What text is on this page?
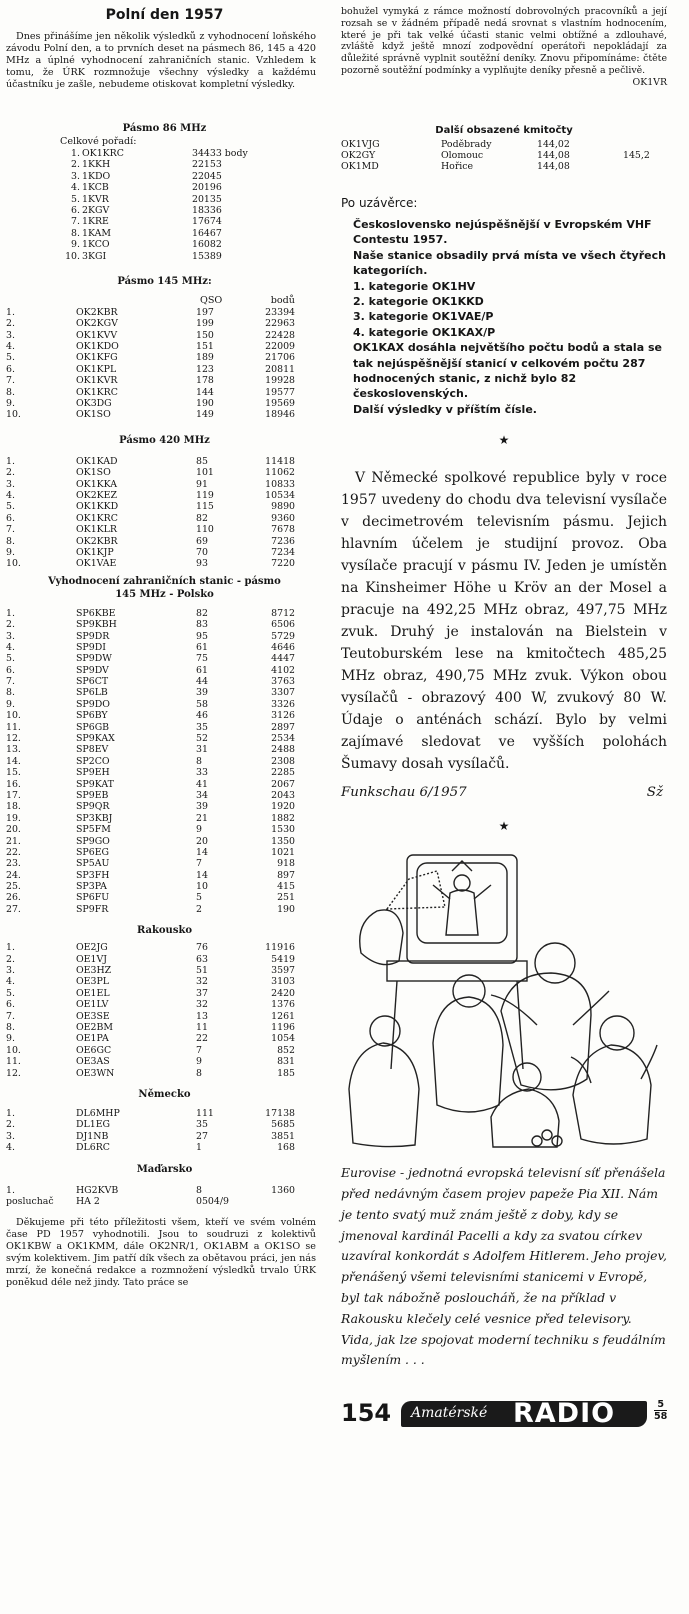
Polní den 1957
Dnes přinášíme jen několik výsledků z vyhodnocení loňského závodu Polní den, a to prvních deset na pásmech 86, 145 a 420 MHz a úplné vyhodnocení zahraničních stanic. Vzhledem k tomu, že ÚRK rozmnožuje všechny výsledky a každému účastníku je zašle, nebudeme otiskovat kompletní výsledky.
Pásmo 86 MHz
Celkové pořadí:
1. OK1KRC	34433 body
2. 1KKH	22153
3. 1KDO	22045
4. 1KCB	20196
5. 1KVR	20135
6. 2KGV	18336
7. 1KRE	17674
8. 1KAM	16467
9. 1KCO	16082
10. 3KGI	15389
Pásmo 145 MHz:
QSO	bodů
1.	OK2KBR	197	23394
2.	OK2KGV	199	22963
3.	OK1KVV	150	22428
4.	OK1KDO	151	22009
5.	OK1KFG	189	21706
6.	OK1KPL	123	20811
7.	OK1KVR	178	19928
8.	OK1KRC	144	19577
9.	OK3DG	190	19569
10.	OK1SO	149	18946
Pásmo 420 MHz
1.	OK1KAD	85	11418
2.	OK1SO	101	11062
3.	OK1KKA	91	10833
4.	OK2KEZ	119	10534
5.	OK1KKD	115	9890
6.	OK1KRC	82	9360
7.	OK1KLR	110	7678
8.	OK2KBR	69	7236
9.	OK1KJP	70	7234
10.	OK1VAE	93	7220
Vyhodnocení zahraničních stanic - pásmo
145 MHz - Polsko
1.	SP6KBE	82	8712
2.	SP9KBH	83	6506
3.	SP9DR	95	5729
4.	SP9DI	61	4646
5.	SP9DW	75	4447
6.	SP9DV	61	4102
7.	SP6CT	44	3763
8.	SP6LB	39	3307
9.	SP9DO	58	3326
10.	SP6BY	46	3126
11.	SP6GB	35	2897
12.	SP9KAX	52	2534
13.	SP8EV	31	2488
14.	SP2CO	8	2308
15.	SP9EH	33	2285
16.	SP9KAT	41	2067
17.	SP9EB	34	2043
18.	SP9QR	39	1920
19.	SP3KBJ	21	1882
20.	SP5FM	9	1530
21.	SP9GO	20	1350
22.	SP6EG	14	1021
23.	SP5AU	7	918
24.	SP3FH	14	897
25.	SP3PA	10	415
26.	SP6FU	5	251
27.	SP9FR	2	190
Rakousko
1.	OE2JG	76	11916
2.	OE1VJ	63	5419
3.	OE3HZ	51	3597
4.	OE3PL	32	3103
5.	OE1EL	37	2420
6.	OE1LV	32	1376
7.	OE3SE	13	1261
8.	OE2BM	11	1196
9.	OE1PA	22	1054
10.	OE6GC	7	852
11.	OE3AS	9	831
12.	OE3WN	8	185
Německo
1.	DL6MHP	111	17138
2.	DL1EG	35	5685
3.	DJ1NB	27	3851
4.	DL6RC	1	168
Maďarsko
1.	HG2KVB	8	1360
posluchač HA 2	0504/9
Děkujeme při této příležitosti všem, kteří ve svém volném čase PD 1957 vyhodnotili. Jsou to soudruzi z kolektivů OK1KBW a OK1KMM, dále OK2NR/1, OK1ABM a OK1SO se svým kolektivem. Jim patří dík všech za obětavou práci, jen nás mrzí, že konečná redakce a rozmnožení výsledků trvalo ÚRK poněkud déle než jindy. Tato práce se
bohužel vymyká z rámce možností dobrovolných pracovníků a její rozsah se v žádném případě nedá srovnat s vlastním hodnocením, které je při tak velké účasti stanic velmi obtížné a zdlouhavé, zvláště když ještě mnozí zodpovědní operátoři nepokládají za důležité správně vyplnit soutěžní deníky. Znovu připomínáme: čtěte pozorně soutěžní podmínky a vyplňujte deníky přesně a pečlivě.
OK1VR
Další obsazené kmitočty
OK1VJG	Poděbrady	144,02
OK2GY	Olomouc	144,08	145,2
OK1MD	Hořice	144,08

Po uzávěrce:

Československo nejúspěšnější v Evropském VHF Contestu 1957.

Naše stanice obsadily prvá místa ve všech čtyřech kategoriích.

1. kategorie OK1HV

2. kategorie OK1KKD

3. kategorie OK1VAE/P

4. kategorie OK1KAX/P

OK1KAX dosáhla největšího počtu bodů a stala se tak nejúspěšnější stanicí v celkovém počtu 287 hodnocených stanic, z nichž bylo 82 československých.

Další výsledky v příštím čísle.

★
V Německé spolkové republice byly v roce 1957 uvedeny do chodu dva televisní vysílače v decimetrovém televisním pásmu. Jejich hlavním účelem je studijní provoz. Oba vysílače pracují v pásmu IV. Jeden je umístěn na Kinsheimer Höhe u Kröv an der Mosel a pracuje na 492,25 MHz obraz, 497,75 MHz zvuk. Druhý je instalován na Bielstein v Teutoburském lese na kmitočtech 485,25 MHz obraz, 490,75 MHz zvuk. Výkon obou vysílačů - obrazový 400 W, zvukový 80 W. Údaje o anténách schází. Bylo by velmi zajímavé sledovat ve vyšších polohách Šumavy dosah vysílačů.
Funkschau 6/1957	Sž
★
Eurovise - jednotná evropská televisní síť přenášela před nedávným časem projev papeže Pia XII. Nám je tento svatý muž znám ještě z doby, kdy se jmenoval kardinál Pacelli a kdy za svatou církev uzavíral konkordát s Adolfem Hitlerem. Jeho projev, přenášený všemi televisními stanicemi v Evropě, byl tak nábožně posloucháň, že na příklad v Rakousku klečely celé vesnice před televisory. Vida, jak lze spojovat moderní techniku s feudálním myšlením . . .
154 Amatérské RADIO	5
58
